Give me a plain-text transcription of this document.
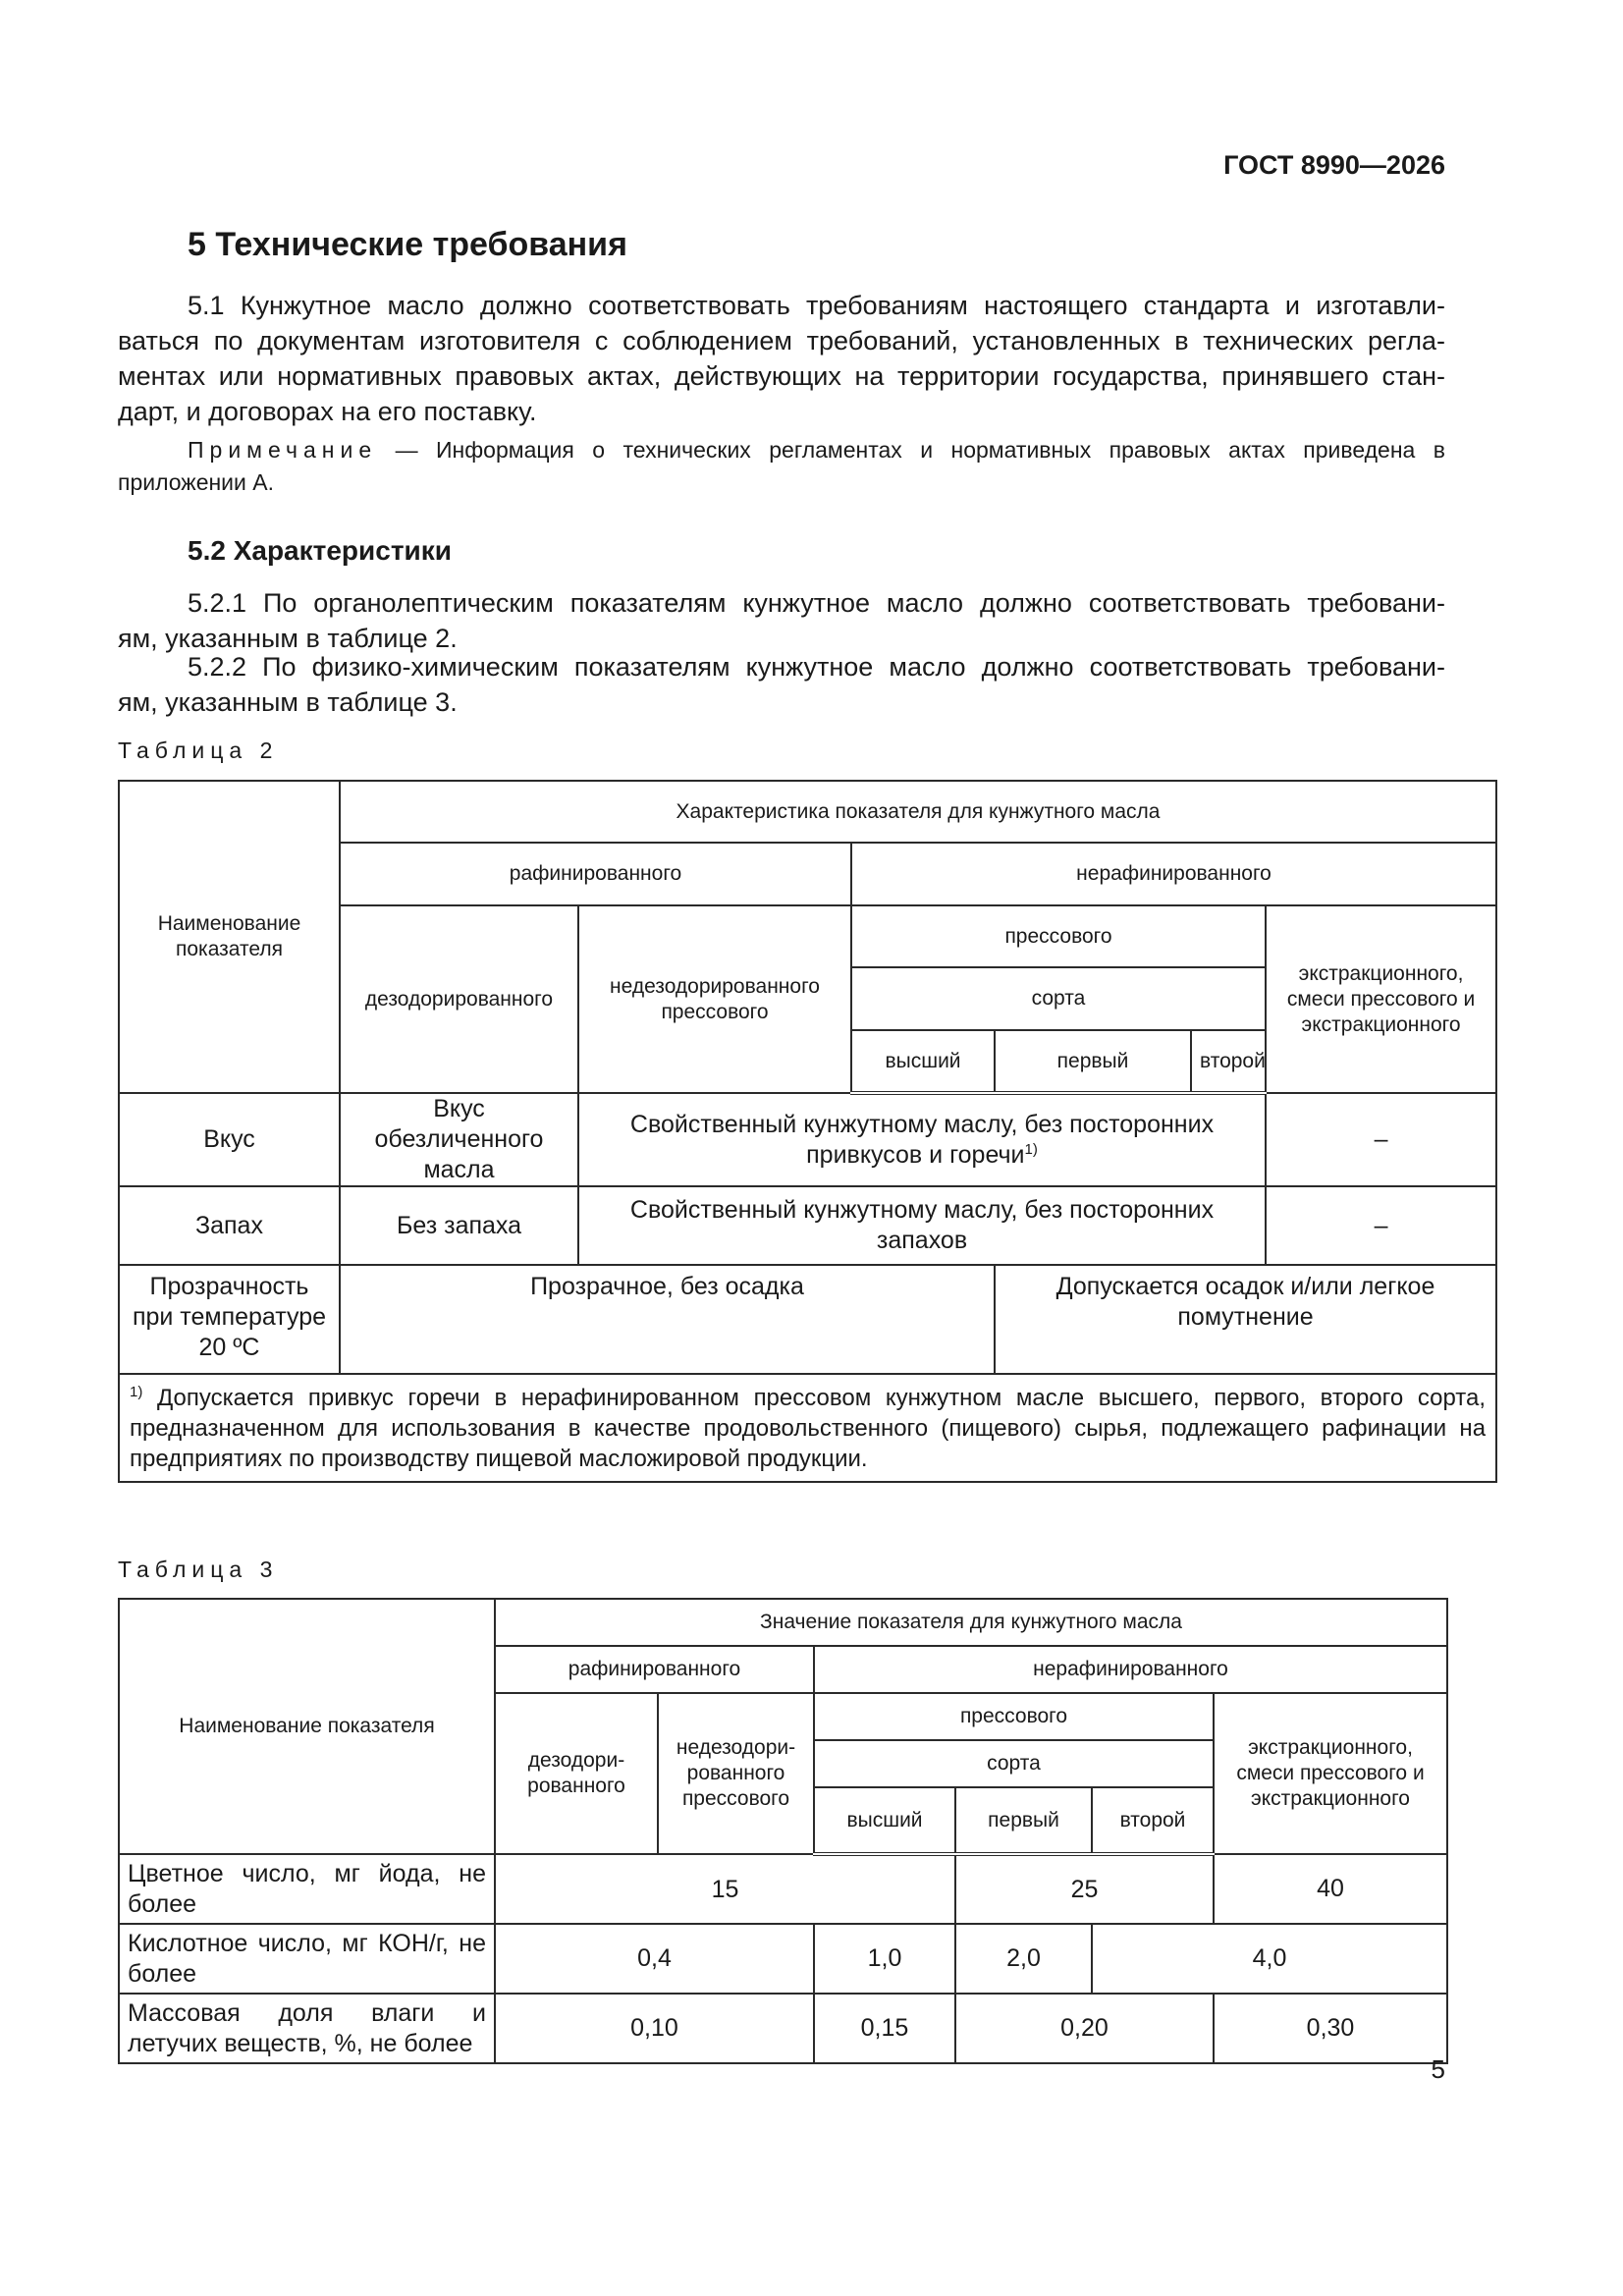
ГОСТ 8990—2026
5 Технические требования
5.1 Кунжутное масло должно соответствовать требованиям настоящего стандарта и изготавли-
ваться по документам изготовителя с соблюдением требований, установленных в технических регла-
ментах или нормативных правовых актах, действующих на территории государства, принявшего стан-
дарт, и договорах на его поставку.
Примечание — Информация о технических регламентах и нормативных правовых актах приведена в
приложении А.
5.2 Характеристики
5.2.1 По органолептическим показателям кунжутное масло должно соответствовать требовани-
ям, указанным в таблице 2.
5.2.2 По физико-химическим показателям кунжутное масло должно соответствовать требовани-
ям, указанным в таблице 3.
Таблица 2
Наименование показателя	Характеристика показателя для кунжутного масла					
	рафинированного		нерафинированного			
	дезодорированного	недезодорированного прессового	прессового			экстракционного, смеси прессового и экстракционного
			сорта			
			высший	первый	второй	
Вкус	Вкус обезличенного масла	Свойственный кунжутному маслу, без посторонних привкусов и горечи$^{1)}$				–
Запах	Без запаха	Свойственный кунжутному маслу, без посторонних запахов				–
Прозрачность при температуре 20 ºС	Прозрачное, без осадка			Допускается осадок и/или легкое помутнение		
$^{1)}$ Допускается привкус горечи в нерафинированном прессовом кунжутном масле высшего, первого, второго сорта, предназначенном для использования в качестве продовольственного (пищевого) сырья, подлежащего рафинации на предприятиях по производству пищевой масложировой продукции.						
Таблица 3
Наименование показателя	Значение показателя для кунжутного масла					
	рафинированного		нерафинированного			
	дезодори-рованного	недезодори-рованного прессового	прессового			экстракционного, смеси прессового и экстракционного
			сорта			
			высший	первый	второй	
Цветное число, мг йода, не более	15			25		40
Кислотное число, мг КОН/г, не более	0,4		1,0	2,0	4,0	
Массовая доля влаги и летучих веществ, %, не более	0,10		0,15	0,20		0,30
5
